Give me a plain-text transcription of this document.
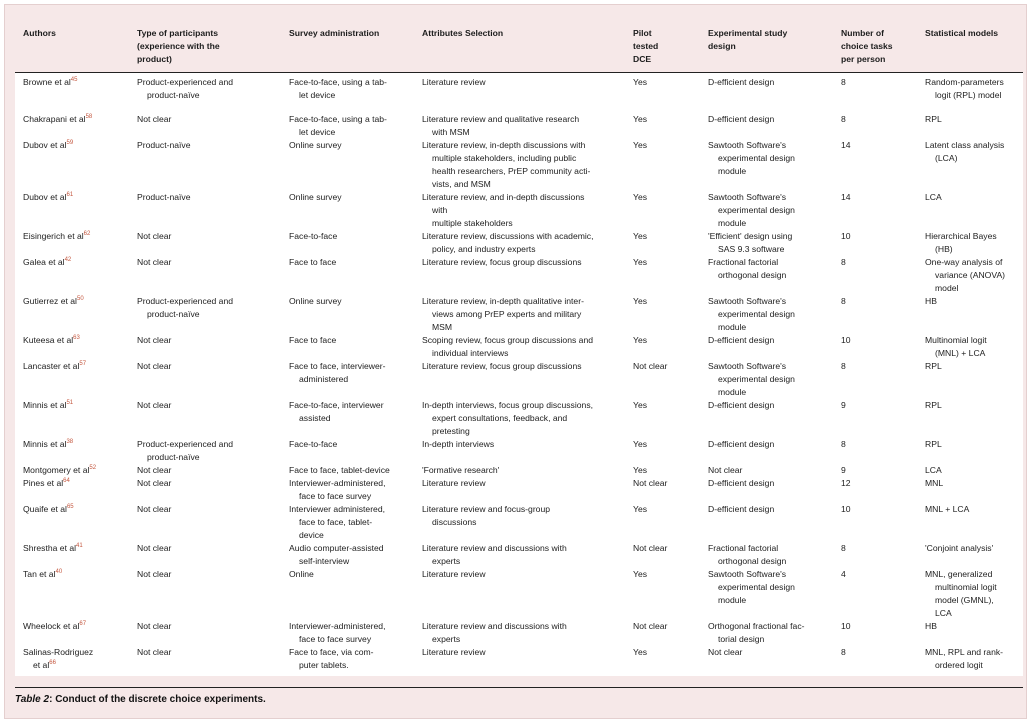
Authors	Type of participants
(experience with the
product)	Survey administration	Attributes Selection	Pilot
tested
DCE	Experimental study
design	Number of
choice tasks
per person	Statistical models
Browne et al$^{45}$	Product-experienced and
product-naïve	Face-to-face, using a tab-
let device	Literature review	Yes	D-efficient design	8	Random-parameters
logit (RPL) model
Chakrapani et al$^{58}$	Not clear	Face-to-face, using a tab-
let device	Literature review and qualitative research
with MSM	Yes	D-efficient design	8	RPL
Dubov et al$^{59}$	Product-naïve	Online survey	Literature review, in-depth discussions with
multiple stakeholders, including public
health researchers, PrEP community acti-
vists, and MSM	Yes	Sawtooth Software's
experimental design
module	14	Latent class analysis
(LCA)
Dubov et al$^{61}$	Product-naïve	Online survey	Literature review, and in-depth discussions
with
multiple stakeholders	Yes	Sawtooth Software's
experimental design
module	14	LCA
Eisingerich et al$^{62}$	Not clear	Face-to-face	Literature review, discussions with academic,
policy, and industry experts	Yes	'Efficient' design using
SAS 9.3 software	10	Hierarchical Bayes
(HB)
Galea et al$^{42}$	Not clear	Face to face	Literature review, focus group discussions	Yes	Fractional factorial
orthogonal design	8	One-way analysis of
variance (ANOVA)
model
Gutierrez et al$^{50}$	Product-experienced and
product-naïve	Online survey	Literature review, in-depth qualitative inter-
views among PrEP experts and military
MSM	Yes	Sawtooth Software's
experimental design
module	8	HB
Kuteesa et al$^{63}$	Not clear	Face to face	Scoping review, focus group discussions and
individual interviews	Yes	D-efficient design	10	Multinomial logit
(MNL) + LCA
Lancaster et al$^{57}$	Not clear	Face to face, interviewer-
administered	Literature review, focus group discussions	Not clear	Sawtooth Software's
experimental design
module	8	RPL
Minnis et al$^{51}$	Not clear	Face-to-face, interviewer
assisted	In-depth interviews, focus group discussions,
expert consultations, feedback, and
pretesting	Yes	D-efficient design	9	RPL
Minnis et al$^{38}$	Product-experienced and
product-naïve	Face-to-face	In-depth interviews	Yes	D-efficient design	8	RPL
Montgomery et al$^{52}$	Not clear	Face to face, tablet-device	'Formative research'	Yes	Not clear	9	LCA
Pines et al$^{64}$	Not clear	Interviewer-administered,
face to face survey	Literature review	Not clear	D-efficient design	12	MNL
Quaife et al$^{65}$	Not clear	Interviewer administered,
face to face, tablet-
device	Literature review and focus-group
discussions	Yes	D-efficient design	10	MNL + LCA
Shrestha et al$^{41}$	Not clear	Audio computer-assisted
self-interview	Literature review and discussions with
experts	Not clear	Fractional factorial
orthogonal design	8	'Conjoint analysis'
Tan et al$^{40}$	Not clear	Online	Literature review	Yes	Sawtooth Software's
experimental design
module	4	MNL, generalized
multinomial logit
model (GMNL),
LCA
Wheelock et al$^{67}$	Not clear	Interviewer-administered,
face to face survey	Literature review and discussions with
experts	Not clear	Orthogonal fractional fac-
torial design	10	HB
Salinas-Rodriguez
et al$^{66}$	Not clear	Face to face, via com-
puter tablets.	Literature review	Yes	Not clear	8	MNL, RPL and rank-
ordered logit
Table 2: Conduct of the discrete choice experiments.
